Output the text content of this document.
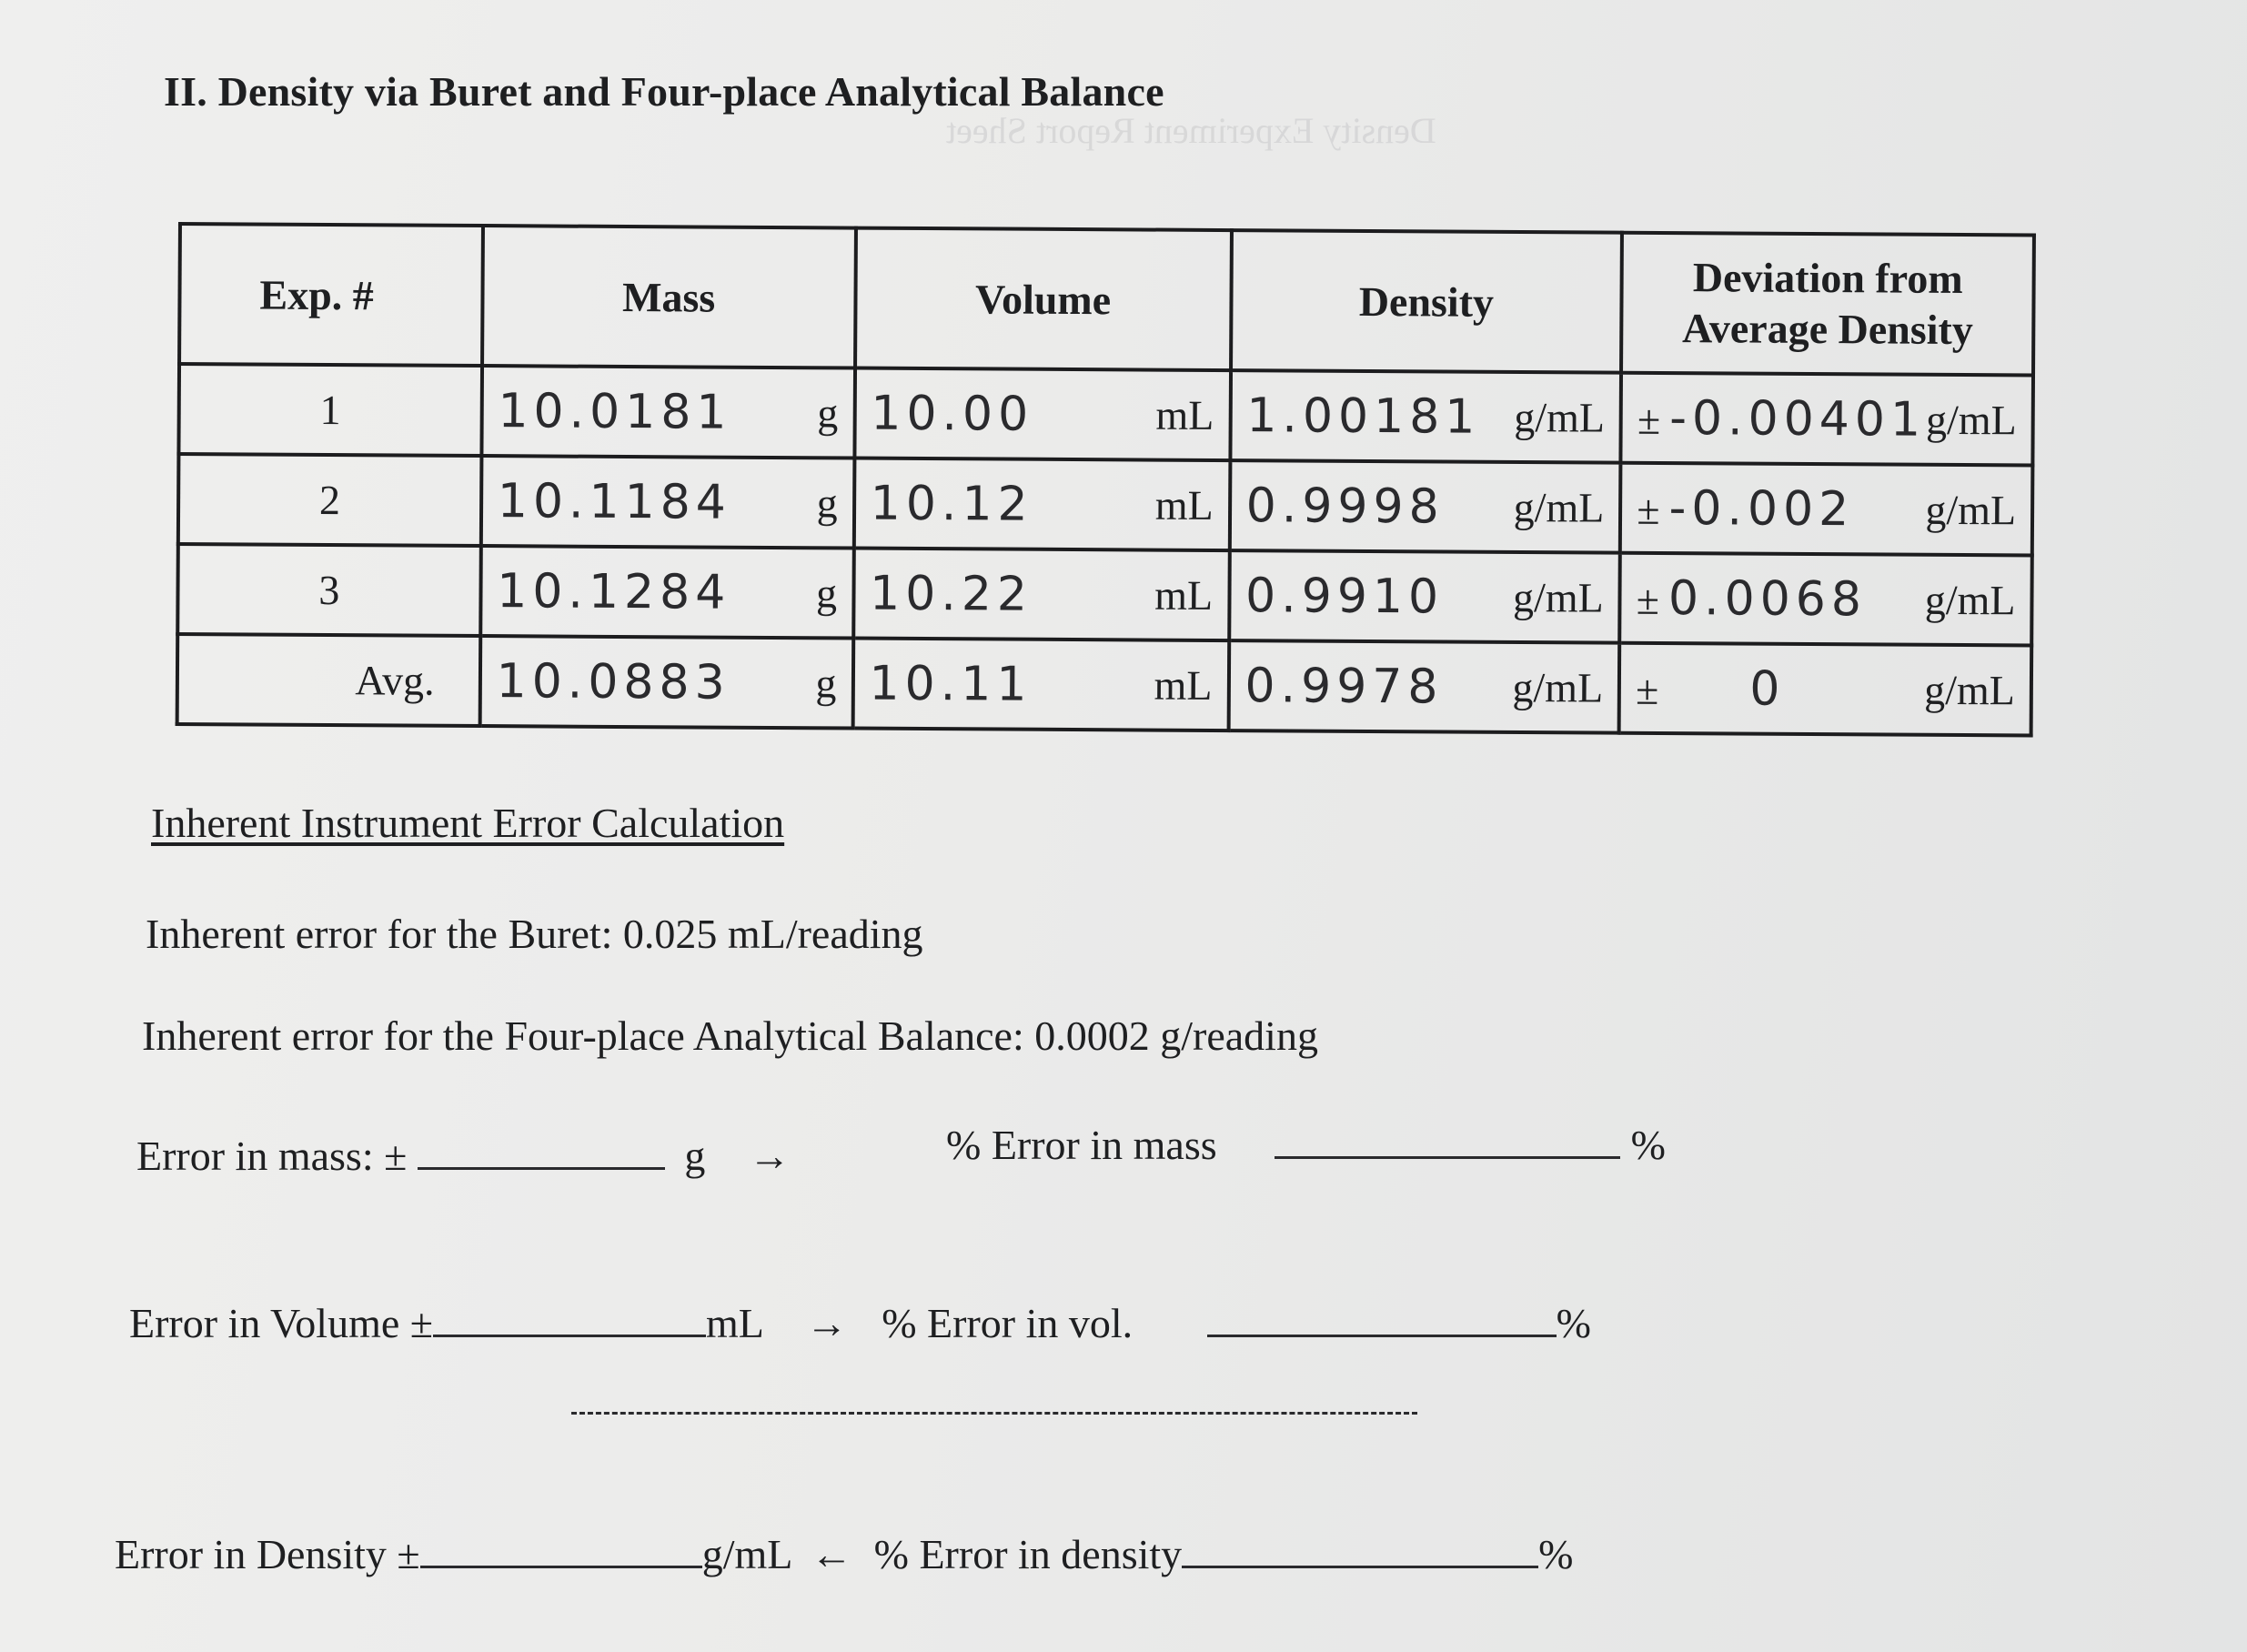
Density Experiment Report Sheet
II. Density via Buret and Four-place Analytical Balance
Exp. #	Mass	Volume	Density	Deviation from
Average Density

1	10.0181 g	10.00 mL	1.00181 g/mL	± -0.00401 g/mL

2	10.1184 g	10.12 mL	0.9998 g/mL	± -0.002 g/mL

3	10.1284 g	10.22 mL	0.9910 g/mL	± 0.0068 g/mL

Avg.	10.0883 g	10.11 mL	0.9978 g/mL	± 0 g/mL
Inherent Instrument Error Calculation
Inherent error for the Buret: 0.025 mL/reading
Inherent error for the Four-place Analytical Balance: 0.0002 g/reading
Error in mass: ±	g →	% Error in mass	%
Error in Volume ±	mL → % Error in vol.	%
Error in Density ±	g/mL ← % Error in density	%
